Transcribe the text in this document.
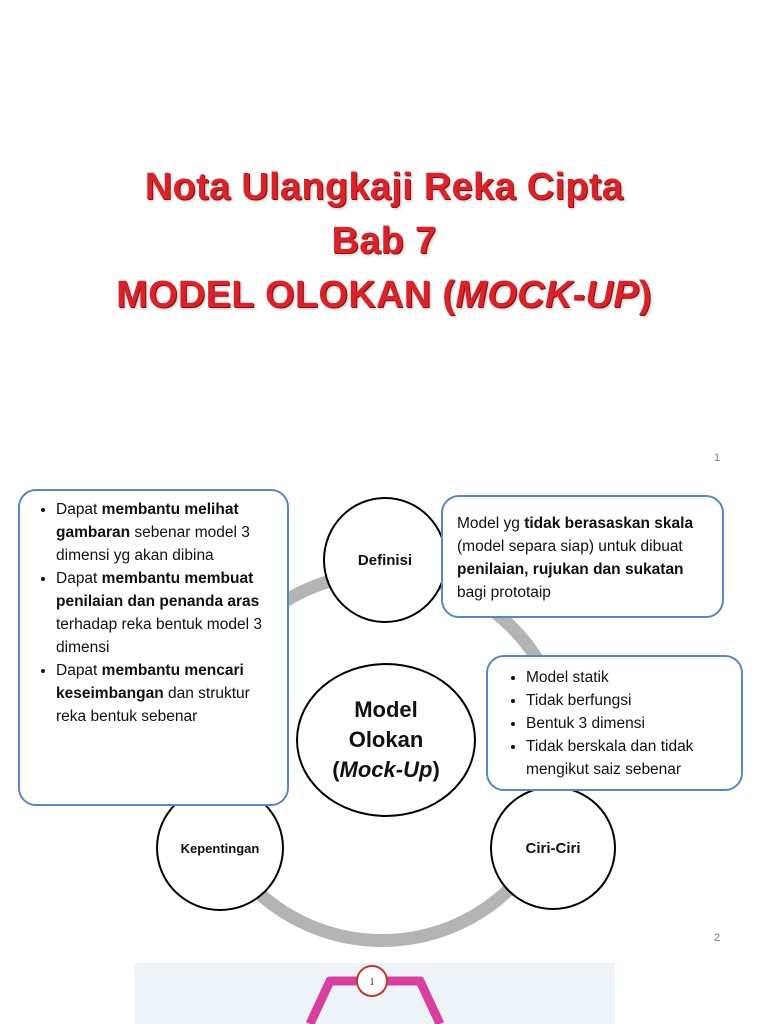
Nota Ulangkaji Reka Cipta
Bab 7
MODEL OLOKAN (MOCK-UP)
1
2
Model
Olokan
(Mock-Up)
Definisi
Kepentingan	Ciri-Ciri
Model yg tidak berasaskan skala (model separa siap) untuk dibuat penilaian, rujukan dan sukatan bagi prototaip
• Model statik
• Tidak berfungsi
• Bentuk 3 dimensi
• Tidak berskala dan tidak mengikut saiz sebenar
• Dapat membantu melihat gambaran sebenar model 3 dimensi yg akan dibina
• Dapat membantu membuat penilaian dan penanda aras terhadap reka bentuk model 3 dimensi
• Dapat membantu mencari keseimbangan dan struktur reka bentuk sebenar
1
